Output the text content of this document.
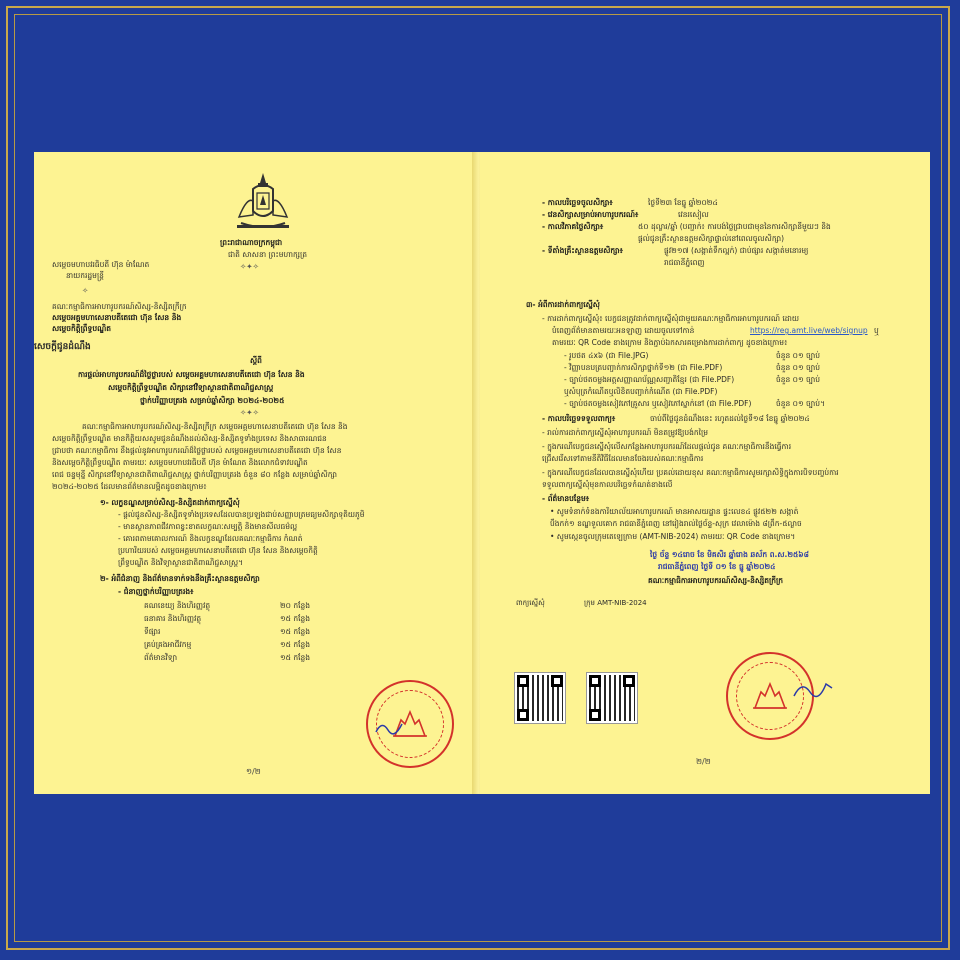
ព្រះរាជាណាចក្រកម្ពុជា
ជាតិ សាសនា ព្រះមហាក្សត្រ
✧✦✧
សម្តេចមហាបវរធិបតី ហ៊ុន ម៉ាណែត
នាយករដ្ឋមន្ត្រី
✧
គណៈកម្មាធិការអាហារូបករណ៍សិស្ស-និស្សិតក្រីក្រ
សម្តេចអគ្គមហាសេនាបតីតេជោ ហ៊ុន សែន និង
សម្តេចកិត្តិព្រឹទ្ធបណ្ឌិត
សេចក្តីជូនដំណឹង
ស្តីពី
ការផ្តល់អាហារូបករណ៍ដ៏ថ្លៃថ្លារបស់ សម្តេចអគ្គមហាសេនាបតីតេជោ ហ៊ុន សែន និង
សម្តេចកិត្តិព្រឹទ្ធបណ្ឌិត សិក្សានៅវិទ្យាស្ថានជាតិពាណិជ្ជសាស្ត្រ
ថ្នាក់បរិញ្ញាបត្ររង សម្រាប់ឆ្នាំសិក្សា ២០២៤-២០២៥
✧✦✧
គណៈកម្មាធិការអាហារូបករណ៍សិស្ស-និស្សិតក្រីក្រ សម្តេចអគ្គមហាសេនាបតីតេជោ ហ៊ុន សែន និង
សម្តេចកិត្តិព្រឹទ្ធបណ្ឌិត មានកិត្តិយសសូមជូនដំណឹងដល់សិស្ស-និស្សិតទូទាំងប្រទេស និងសាធារណជន
ជ្រាបថា គណៈកម្មាធិការ នឹងផ្តល់នូវអាហារូបករណ៍ដ៏ថ្លៃថ្លារបស់ សម្តេចអគ្គមហាសេនាបតីតេជោ ហ៊ុន សែន
និងសម្តេចកិត្តិព្រឹទ្ធបណ្ឌិត តាមរយៈ សម្តេចមហាបវរធិបតី ហ៊ុន ម៉ាណែត និងលោកជំទាវបណ្ឌិត
ពេជ ចន្ទមុន្នី សិក្សានៅវិទ្យាស្ថានជាតិពាណិជ្ជសាស្ត្រ ថ្នាក់បរិញ្ញាបត្ររង ចំនួន ៨០ កន្លែង សម្រាប់ឆ្នាំសិក្សា
២០២៤-២០២៥ ដែលមានព័ត៌មានលម្អិតដូចខាងក្រោម៖
១- លក្ខខណ្ឌសម្រាប់សិស្ស-និស្សិតដាក់ពាក្យស្នើសុំ
- ផ្តល់ជូនសិស្ស-និស្សិតទូទាំងប្រទេសដែលបានប្រឡងជាប់សញ្ញាបត្រមធ្យមសិក្សាទុតិយភូមិ
- មានស្ថានភាពជីវភាពខ្វះខាតលក្ខណៈសម្បត្តិ និងមានសីលធម៌ល្អ
- គោរពតាមគោលការណ៍ និងលក្ខខណ្ឌដែលគណៈកម្មាធិការ កំណត់
ប្រហារិយរបស់ សម្តេចអគ្គមហាសេនាបតីតេជោ ហ៊ុន សែន និងសម្តេចកិត្តិ
ព្រឹទ្ធបណ្ឌិត និងវិទ្យាស្ថានជាតិពាណិជ្ជសាស្ត្រ។
២- អំពីជំនាញ និងព័ត៌មានទាក់ទងនឹងគ្រឹះស្ថានឧត្តមសិក្សា
- ជំនាញថ្នាក់បរិញ្ញាបត្ររង៖
គណនេយ្យ និងហិរញ្ញវត្ថុ	២០ កន្លែង
ធនាគារ និងហិរញ្ញវត្ថុ	១៥ កន្លែង
ទីផ្សារ	១៥ កន្លែង
គ្រប់គ្រងអាជីវកម្ម	១៥ កន្លែង
ព័ត៌មានវិទ្យា	១៥ កន្លែង
១/២
- កាលបរិច្ឆេទចូលសិក្សា៖	ថ្ងៃទី២៣ ខែធ្នូ ឆ្នាំ២០២៤
- វេនសិក្សាសម្រាប់អាហារូបករណ៍៖	វេនរសៀល
- កាលវិភាគថ្លៃសិក្សា៖	៥០ ដុល្លារ/ឆ្នាំ (បញ្ជាក់៖ ការបង់ថ្លៃជ្រាបជាមុននៃការសិក្សានីមួយៗ និង
ផ្តល់ជូនគ្រឹះស្ថានឧត្តមសិក្សាផ្ទាល់នៅពេលចូលសិក្សា)
- ទីតាំងគ្រឹះស្ថានឧត្តមសិក្សា៖	ផ្លូវ២១៧ (សង្កាត់ទឹកល្អក់) ជាប់ផ្សារ សង្កាត់មនោរម្យ
រាជធានីភ្នំពេញ
៣- អំពីការដាក់ពាក្យស្នើសុំ
- ការដាក់ពាក្យស្នើសុំ៖ បេក្ខជនត្រូវដាក់ពាក្យស្នើសុំជាមួយគណៈកម្មាធិការអាហារូបករណ៍ ដោយ
បំពេញព័ត៌មានតាមរយៈអនឡាញ ដោយចូលទៅកាន់	https://reg.amt.live/web/signup ឬ
តាមរយៈ QR Code ខាងក្រោម និងភ្ជាប់ឯកសារគម្រោងការដាក់ពាក្យ ដូចខាងក្រោម៖
- រូបថត ៤x៦ (ជា File.JPG)	ចំនួន ០១ ច្បាប់
- វិញ្ញាបនបត្របញ្ជាក់ការសិក្សាថ្នាក់ទី១២ (ជា File.PDF)	ចំនួន ០១ ច្បាប់
- ច្បាប់ថតចម្លងអត្តសញ្ញាណប័ណ្ណសញ្ជាតិខ្មែរ (ជា File.PDF)	ចំនួន ០១ ច្បាប់
ឬសំបុត្រកំណើតឬលិខិតបញ្ជាក់កំណើត (ជា File.PDF)
- ច្បាប់ថតចម្លងសៀវភៅគ្រួសារ ឬសៀវភៅស្នាក់នៅ (ជា File.PDF)	ចំនួន ០១ ច្បាប់។
- កាលបរិច្ឆេទទទួលពាក្យ៖	ចាប់ពីថ្ងៃជូនដំណឹងនេះ រហូតដល់ថ្ងៃទី១៨ ខែធ្នូ ឆ្នាំ២០២៤
- រាល់ការដាក់ពាក្យស្នើសុំអាហារូបករណ៍ មិនតម្រូវឱ្យបង់កម្រៃ
- ក្នុងករណីបេក្ខជនស្នើសុំលើសកន្លែងអាហារូបករណ៍ដែលផ្តល់ជូន គណៈកម្មាធិការនឹងធ្វើការ
ជ្រើសរើសទៅតាមនីតិវិធីដែលមានចែងរបស់គណៈកម្មាធិការ
- ក្នុងករណីបេក្ខជនដែលបានស្នើសុំហើយ ប្រគល់ដោយខុស គណៈកម្មាធិការសូមរក្សាសិទ្ធិក្នុងការបិទបញ្ចប់ការ
ទទួលពាក្យស្នើសុំមុនកាលបរិច្ឆេទកំណត់ខាងលើ
- ព័ត៌មានបន្ថែម៖
• សូមទំនាក់ទំនងការិយាល័យអាហារូបករណ៍ មានអាសយដ្ឋាន ផ្ទះលេខ៤ ផ្លូវ៥២២ សង្កាត់
បឹងកក់១ ខណ្ឌទួលគោក រាជធានីភ្នំពេញ នៅរៀងរាល់ថ្ងៃច័ន្ទ-សុក្រ វេលាម៉ោង ៨ព្រឹក-៥ល្ងាច
• សូមស្កេនចូលក្រុមតេឡេក្រាម (AMT-NIB-2024) តាមរយៈ QR Code ខាងក្រោម។
ថ្ងៃ ច័ន្ទ ១៤រោច ខែ មិគសិរ ឆ្នាំរោង ឆស័ក ព.ស.២៥៦៨
រាជធានីភ្នំពេញ ថ្ងៃទី ០១ ខែ ធ្នូ ឆ្នាំ២០២៤
គណៈកម្មាធិការអាហារូបករណ៍សិស្ស-និស្សិតក្រីក្រ
ពាក្យស្នើសុំ	ក្រុម AMT-NIB-2024
២/២
